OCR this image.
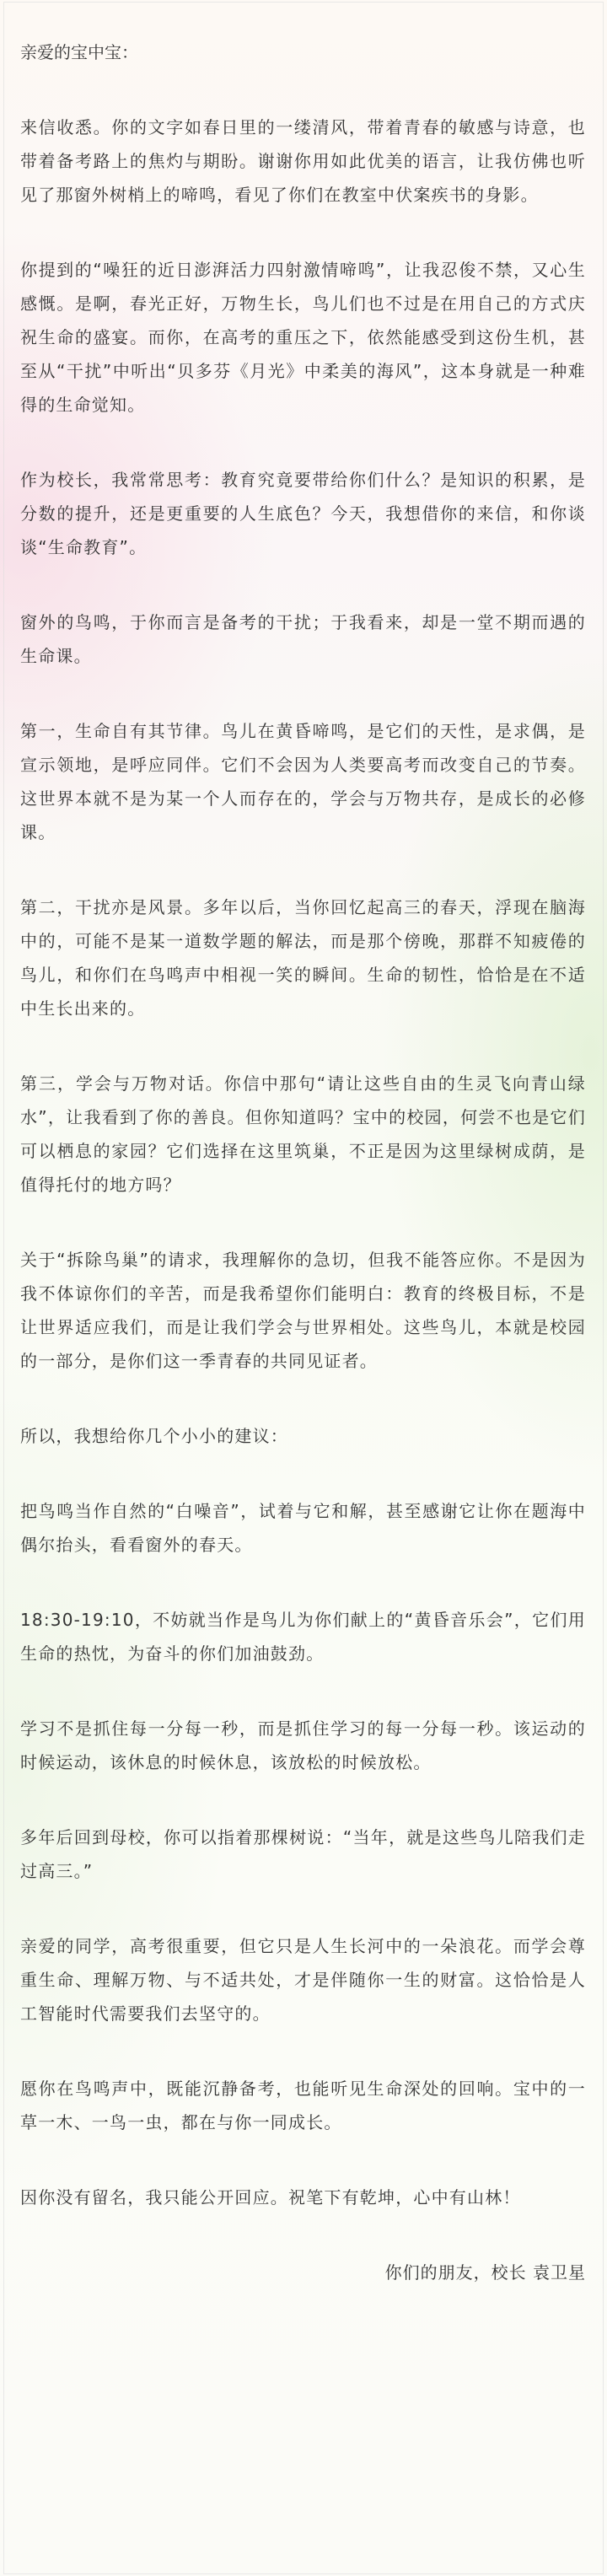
亲爱的宝中宝：

来信收悉。你的文字如春日里的一缕清风，带着青春的敏感与诗意，也带着备考路上的焦灼与期盼。谢谢你用如此优美的语言，让我仿佛也听见了那窗外树梢上的啼鸣，看见了你们在教室中伏案疾书的身影。

你提到的“噪狂的近日澎湃活力四射激情啼鸣”，让我忍俊不禁，又心生感慨。是啊，春光正好，万物生长，鸟儿们也不过是在用自己的方式庆祝生命的盛宴。而你，在高考的重压之下，依然能感受到这份生机，甚至从“干扰”中听出“贝多芬《月光》中柔美的海风”，这本身就是一种难得的生命觉知。

作为校长，我常常思考：教育究竟要带给你们什么？是知识的积累，是分数的提升，还是更重要的人生底色？今天，我想借你的来信，和你谈谈“生命教育”。

窗外的鸟鸣，于你而言是备考的干扰；于我看来，却是一堂不期而遇的生命课。

第一，生命自有其节律。鸟儿在黄昏啼鸣，是它们的天性，是求偶，是宣示领地，是呼应同伴。它们不会因为人类要高考而改变自己的节奏。这世界本就不是为某一个人而存在的，学会与万物共存，是成长的必修课。

第二，干扰亦是风景。多年以后，当你回忆起高三的春天，浮现在脑海中的，可能不是某一道数学题的解法，而是那个傍晚，那群不知疲倦的鸟儿，和你们在鸟鸣声中相视一笑的瞬间。生命的韧性，恰恰是在不适中生长出来的。

第三，学会与万物对话。你信中那句“请让这些自由的生灵飞向青山绿水”，让我看到了你的善良。但你知道吗？宝中的校园，何尝不也是它们可以栖息的家园？它们选择在这里筑巢，不正是因为这里绿树成荫，是值得托付的地方吗？

关于“拆除鸟巢”的请求，我理解你的急切，但我不能答应你。不是因为我不体谅你们的辛苦，而是我希望你们能明白：教育的终极目标，不是让世界适应我们，而是让我们学会与世界相处。这些鸟儿，本就是校园的一部分，是你们这一季青春的共同见证者。

所以，我想给你几个小小的建议：

把鸟鸣当作自然的“白噪音”，试着与它和解，甚至感谢它让你在题海中偶尔抬头，看看窗外的春天。

18:30-19:10，不妨就当作是鸟儿为你们献上的“黄昏音乐会”，它们用生命的热忱，为奋斗的你们加油鼓劲。

学习不是抓住每一分每一秒，而是抓住学习的每一分每一秒。该运动的时候运动，该休息的时候休息，该放松的时候放松。

多年后回到母校，你可以指着那棵树说：“当年，就是这些鸟儿陪我们走过高三。”

亲爱的同学，高考很重要，但它只是人生长河中的一朵浪花。而学会尊重生命、理解万物、与不适共处，才是伴随你一生的财富。这恰恰是人工智能时代需要我们去坚守的。

愿你在鸟鸣声中，既能沉静备考，也能听见生命深处的回响。宝中的一草一木、一鸟一虫，都在与你一同成长。

因你没有留名，我只能公开回应。祝笔下有乾坤，心中有山林！

你们的朋友，校长 袁卫星
